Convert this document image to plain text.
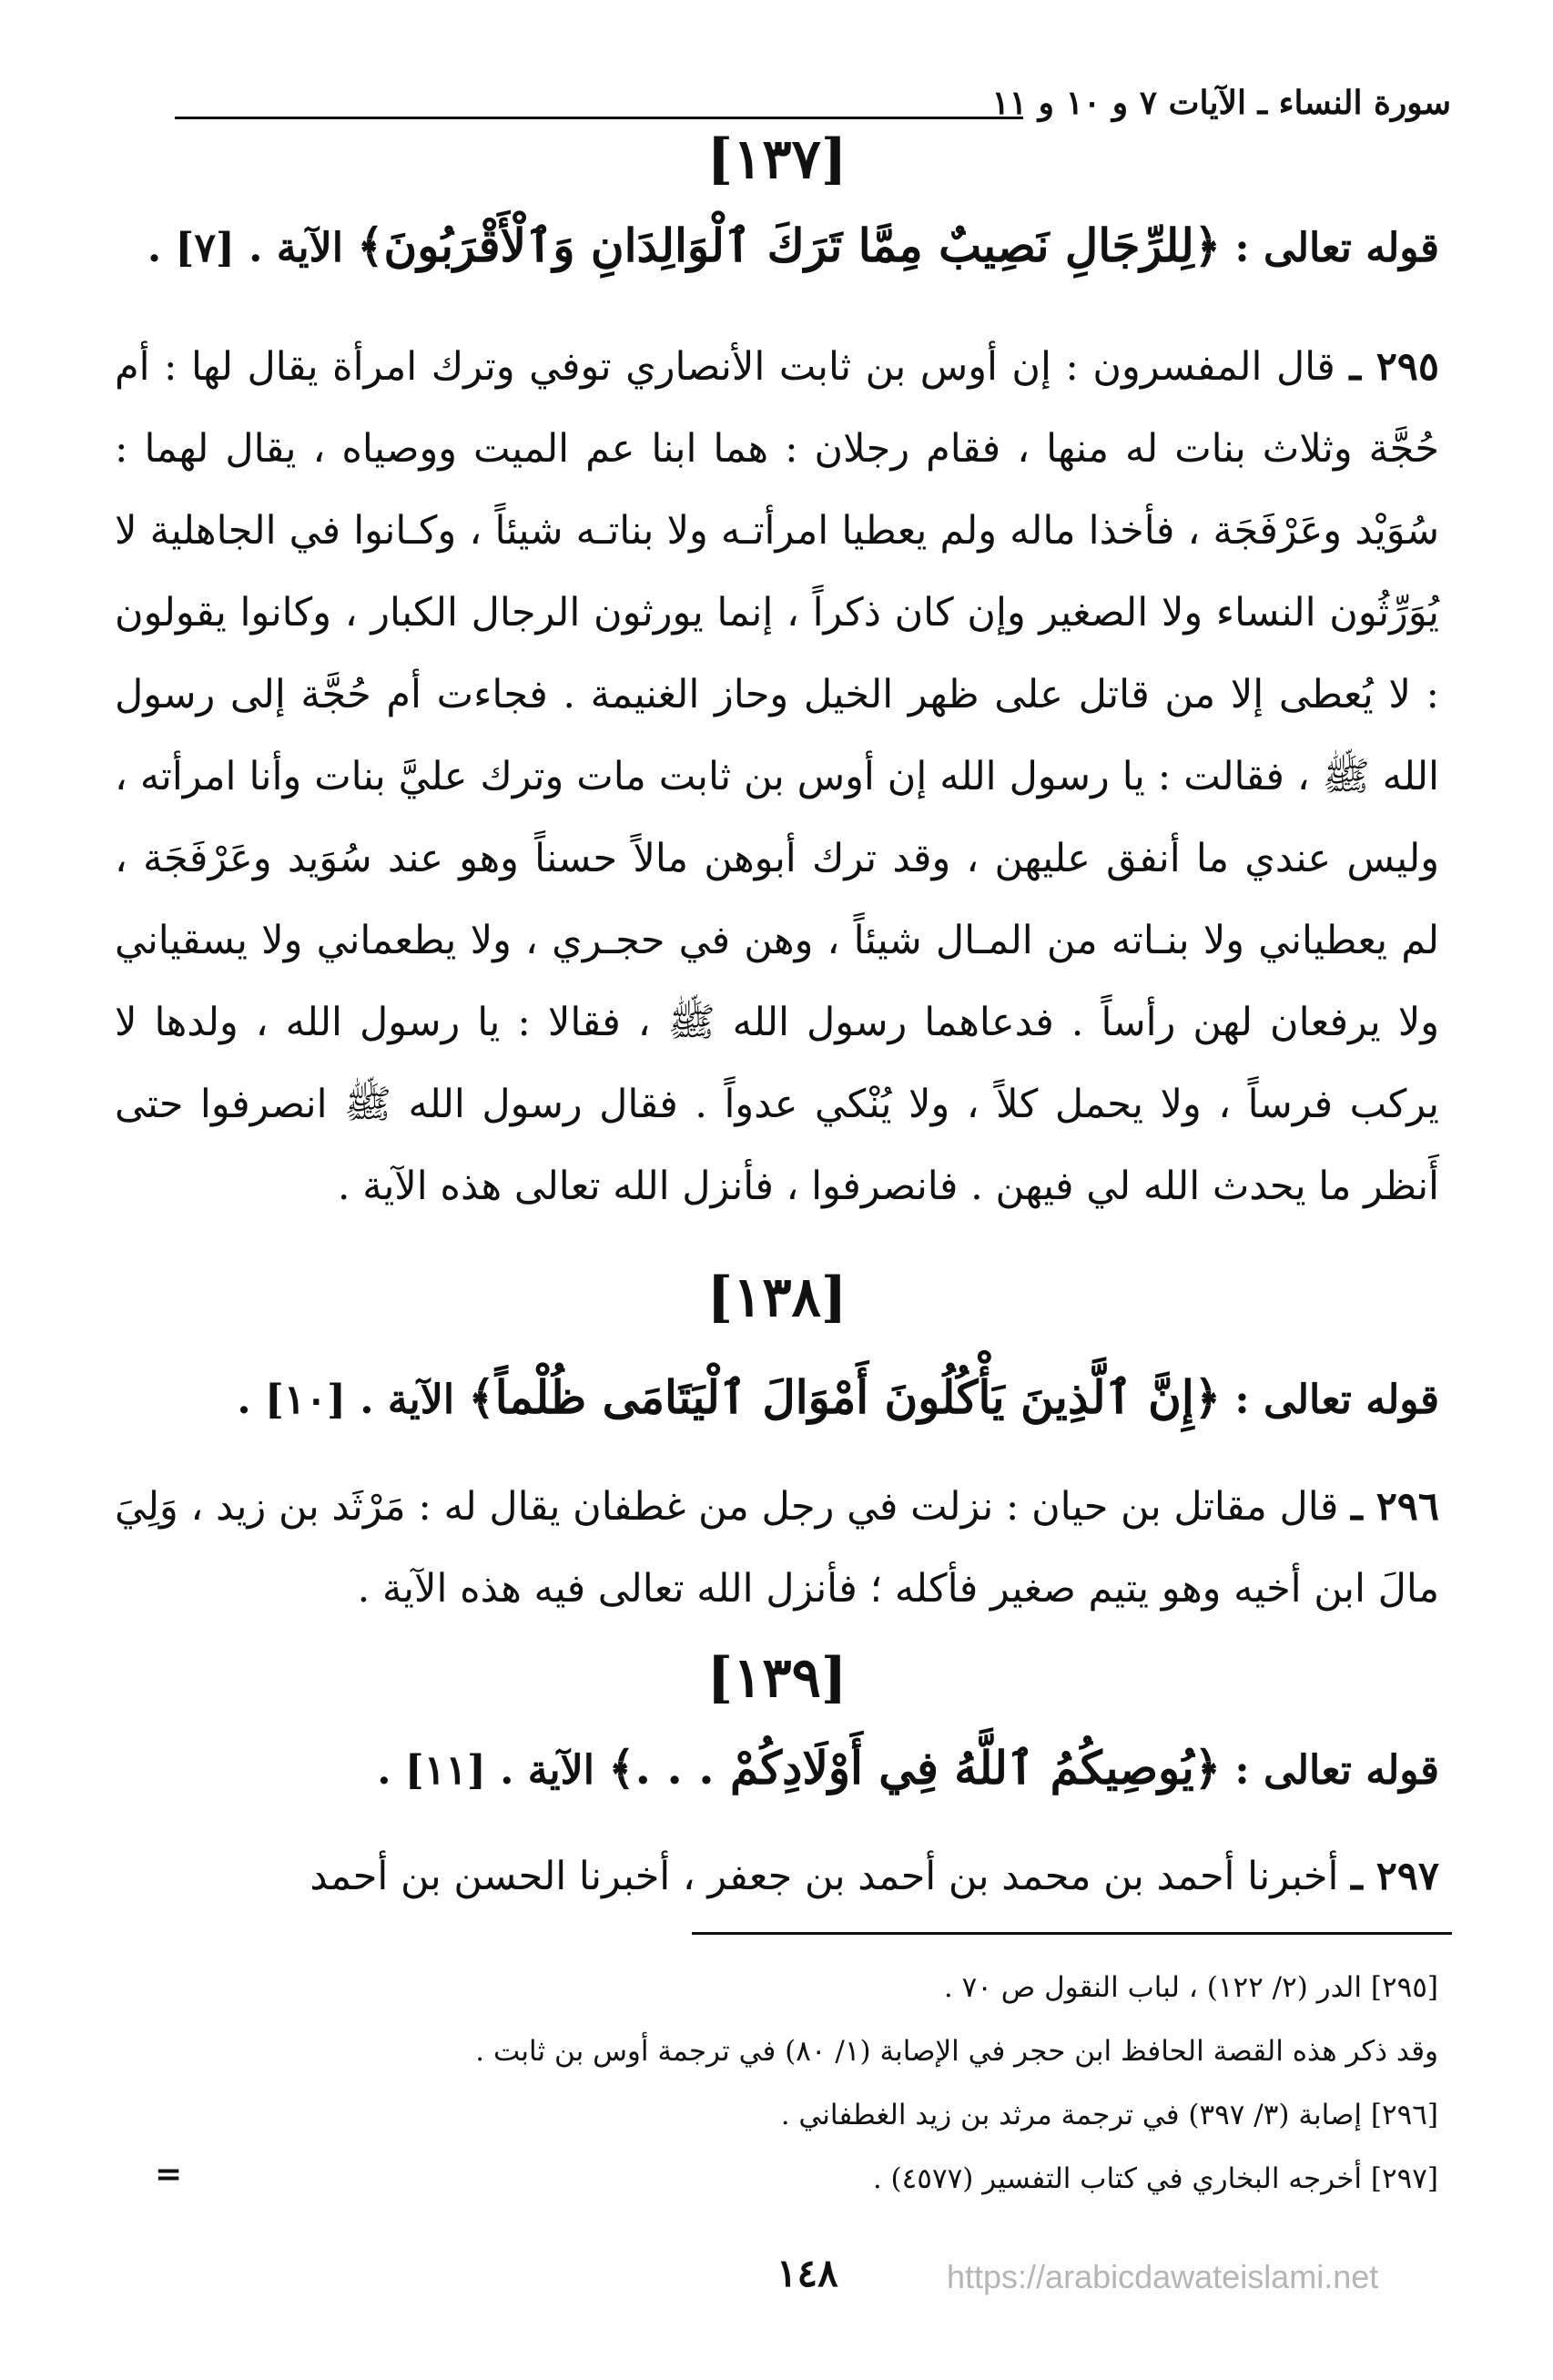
سورة النساء ـ الآيات ٧ و ١٠ و ١١
[١٣٧]
قوله تعالى : ﴿لِلرِّجَالِ نَصِيبٌ مِمَّا تَرَكَ ٱلْوَالِدَانِ وَٱلْأَقْرَبُونَ﴾ الآية . [٧] .
٢٩٥ ـ قال المفسرون : إن أوس بن ثابت الأنصاري توفي وترك امرأة يقال لها : أم حُجَّة وثلاث بنات له منها ، فقام رجلان : هما ابنا عم الميت ووصياه ، يقال لهما : سُوَيْد وعَرْفَجَة ، فأخذا ماله ولم يعطيا امرأتـه ولا بناتـه شيئاً ، وكـانوا في الجاهلية لا يُوَرِّثُون النساء ولا الصغير وإن كان ذكراً ، إنما يورثون الرجال الكبار ، وكانوا يقولون : لا يُعطى إلا من قاتل على ظهر الخيل وحاز الغنيمة . فجاءت أم حُجَّة إلى رسول الله ﷺ ، فقالت : يا رسول الله إن أوس بن ثابت مات وترك عليَّ بنات وأنا امرأته ، وليس عندي ما أنفق عليهن ، وقد ترك أبوهن مالاً حسناً وهو عند سُوَيد وعَرْفَجَة ، لم يعطياني ولا بنـاته من المـال شيئاً ، وهن في حجـري ، ولا يطعماني ولا يسقياني ولا يرفعان لهن رأساً . فدعاهما رسول الله ﷺ ، فقالا : يا رسول الله ، ولدها لا يركب فرساً ، ولا يحمل كلاً ، ولا يُنْكي عدواً . فقال رسول الله ﷺ انصرفوا حتى أَنظر ما يحدث الله لي فيهن . فانصرفوا ، فأنزل الله تعالى هذه الآية .
[١٣٨]
قوله تعالى : ﴿إِنَّ ٱلَّذِينَ يَأْكُلُونَ أَمْوَالَ ٱلْيَتَامَى ظُلْماً﴾ الآية . [١٠] .
٢٩٦ ـ قال مقاتل بن حيان : نزلت في رجل من غطفان يقال له : مَرْثَد بن زيد ، وَلِيَ مالَ ابن أخيه وهو يتيم صغير فأكله ؛ فأنزل الله تعالى فيه هذه الآية .
[١٣٩]
قوله تعالى : ﴿يُوصِيكُمُ ٱللَّهُ فِي أَوْلَادِكُمْ . . .﴾ الآية . [١١] .
٢٩٧ ـ أخبرنا أحمد بن محمد بن أحمد بن جعفر ، أخبرنا الحسن بن أحمد
[٢٩٥] الدر (٢/ ١٢٢) ، لباب النقول ص ٧٠ .
وقد ذكر هذه القصة الحافظ ابن حجر في الإصابة (١/ ٨٠) في ترجمة أوس بن ثابت .
[٢٩٦] إصابة (٣/ ٣٩٧) في ترجمة مرثد بن زيد الغطفاني .
[٢٩٧] أخرجه البخاري في كتاب التفسير (٤٥٧٧) .
=
١٤٨	https://arabicdawateislami.net
